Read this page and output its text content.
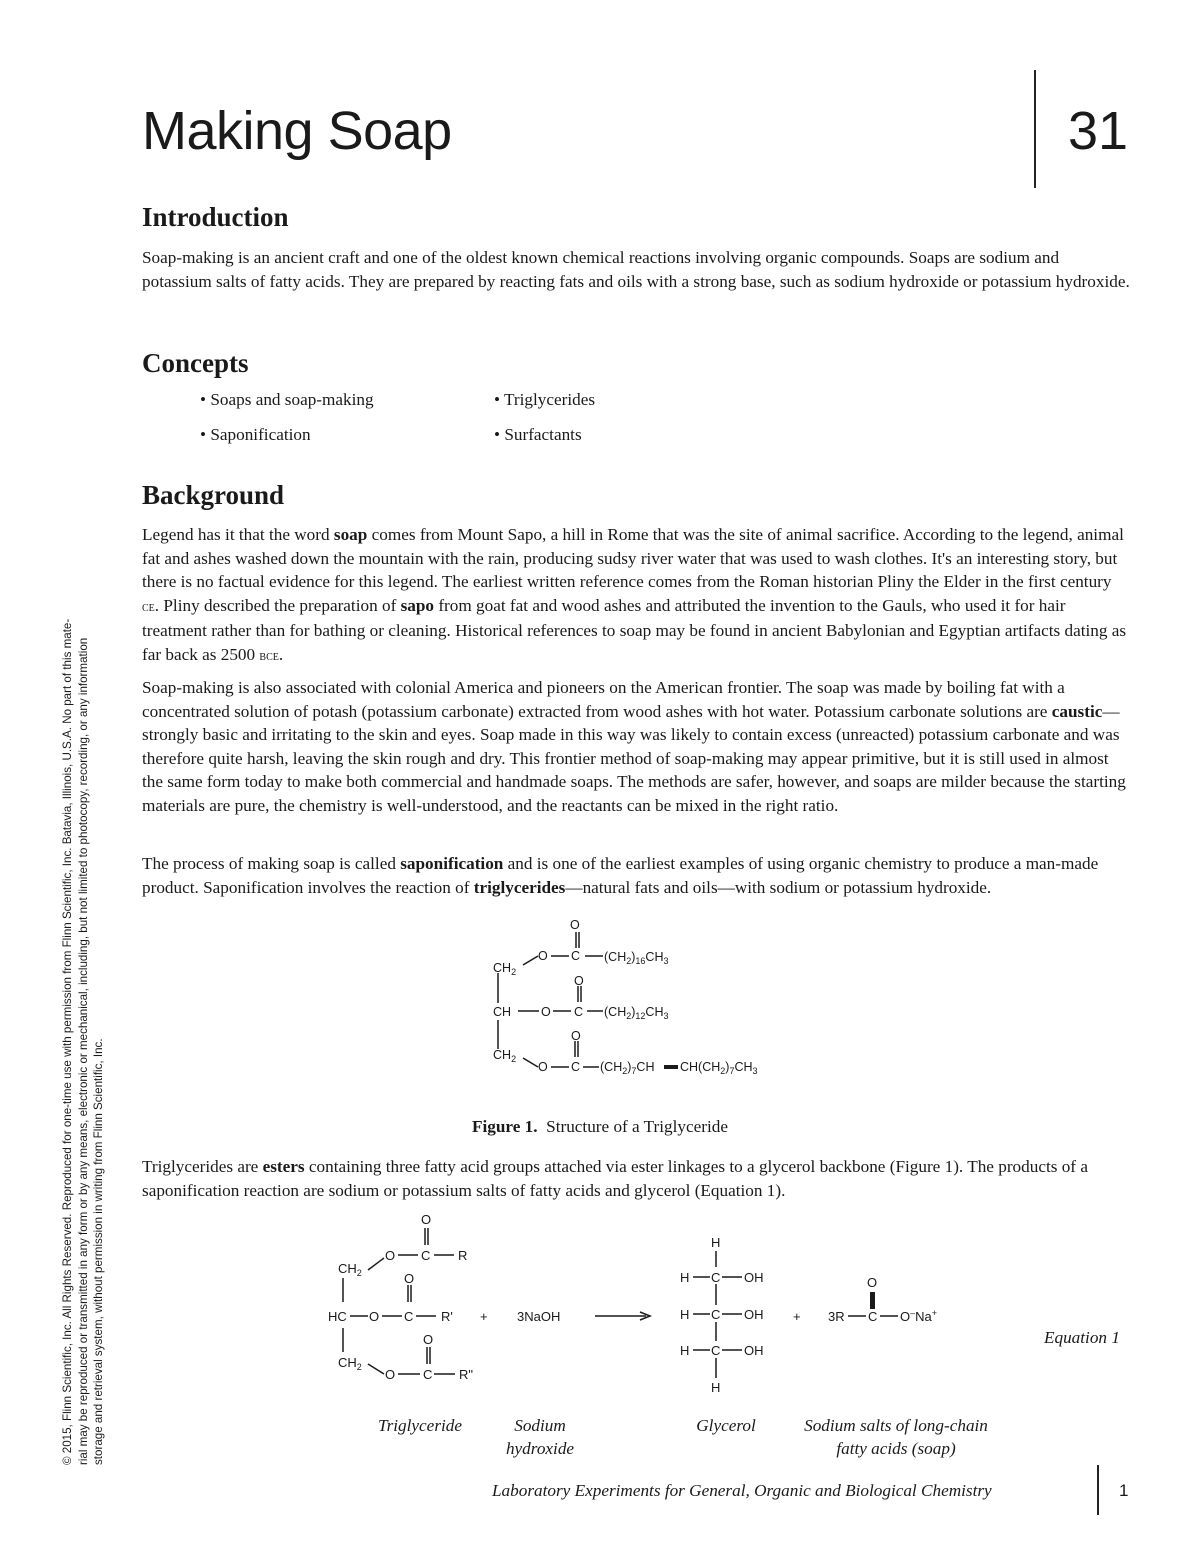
Making Soap	31
Introduction

Soap-making is an ancient craft and one of the oldest known chemical reactions involving organic compounds. Soaps are sodium and potassium salts of fatty acids. They are prepared by reacting fats and oils with a strong base, such as sodium hydroxide or potassium hydroxide.

Concepts
• Soaps and soap-making	• Triglycerides
• Saponification	• Surfactants
Background

Legend has it that the word soap comes from Mount Sapo, a hill in Rome that was the site of animal sacrifice. According to the legend, animal fat and ashes washed down the mountain with the rain, producing sudsy river water that was used to wash clothes. It's an interesting story, but there is no factual evidence for this legend. The earliest written reference comes from the Roman historian Pliny the Elder in the first century ce. Pliny described the preparation of sapo from goat fat and wood ashes and attributed the invention to the Gauls, who used it for hair treatment rather than for bathing or cleaning. Historical references to soap may be found in ancient Babylonian and Egyptian artifacts dating as far back as 2500 bce.

Soap-making is also associated with colonial America and pioneers on the American frontier. The soap was made by boiling fat with a concentrated solution of potash (potassium carbonate) extracted from wood ashes with hot water. Potassium carbonate solutions are caustic—strongly basic and irritating to the skin and eyes. Soap made in this way was likely to contain excess (unreacted) potassium carbonate and was therefore quite harsh, leaving the skin rough and dry. This frontier method of soap-making may appear primitive, but it is still used in almost the same form today to make both commercial and handmade soaps. The methods are safer, however, and soaps are milder because the starting materials are pure, the chemistry is well-understood, and the reactants can be mixed in the right ratio.

The process of making soap is called saponification and is one of the earliest examples of using organic chemistry to produce a man-made product. Saponification involves the reaction of triglycerides—natural fats and oils—with sodium or potassium hydroxide.

O
O C
$CH_2$
$(CH_2)_{16}CH_3$
O
CH O C $(CH_2)_{12}CH_3$
O
$CH_2$
O C $(CH_2)_7CH$ $CH(CH_2)_7CH_3$
Figure 1. Structure of a Triglyceride

Triglycerides are esters containing three fatty acid groups attached via ester linkages to a glycerol backbone (Figure 1). The products of a saponification reaction are sodium or potassium salts of fatty acids and glycerol (Equation 1).

O
O C R
$CH_2$	O
HC O C R'
O
$CH_2$ O C R"
+ 3NaOH
H
H C OH
H C OH
H C OH
H
+
O
3R C O–Na+
Equation 1
Triglyceride	Sodium
hydroxide
Glycerol	Sodium salts of long-chain
fatty acids (soap)
© 2015, Flinn Scientific, Inc. All Rights Reserved. Reproduced for one-time use with permission from Flinn Scientific, Inc. Batavia, Illinois, U.S.A. No part of this mate- rial may be reproduced or transmitted in any form or by any means, electronic or mechanical, including, but not limited to photocopy, recording, or any information storage and retrieval system, without permission in writing from Flinn Scientific, Inc.
Laboratory Experiments for General, Organic and Biological Chemistry	1
